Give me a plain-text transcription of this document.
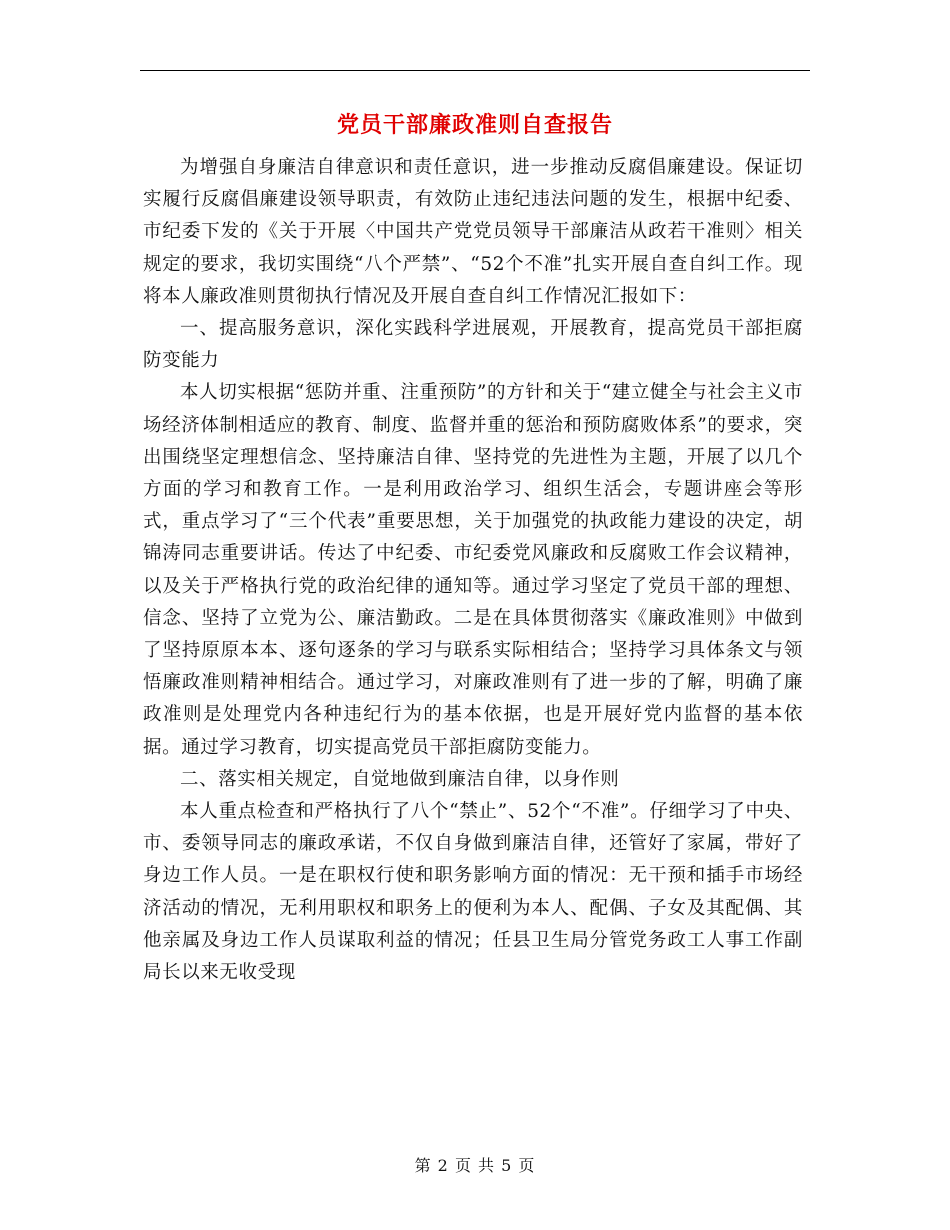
党员干部廉政准则自查报告

为增强自身廉洁自律意识和责任意识，进一步推动反腐倡廉建设。保证切实履行反腐倡廉建设领导职责，有效防止违纪违法问题的发生，根据中纪委、市纪委下发的《关于开展〈中国共产党党员领导干部廉洁从政若干准则〉相关规定的要求，我切实围绕“八个严禁”、“52个不准”扎实开展自查自纠工作。现将本人廉政准则贯彻执行情况及开展自查自纠工作情况汇报如下：

一、提高服务意识，深化实践科学进展观，开展教育，提高党员干部拒腐防变能力

本人切实根据“惩防并重、注重预防”的方针和关于“建立健全与社会主义市场经济体制相适应的教育、制度、监督并重的惩治和预防腐败体系”的要求，突出围绕坚定理想信念、坚持廉洁自律、坚持党的先进性为主题，开展了以几个方面的学习和教育工作。一是利用政治学习、组织生活会，专题讲座会等形式，重点学习了“三个代表”重要思想，关于加强党的执政能力建设的决定，胡锦涛同志重要讲话。传达了中纪委、市纪委党风廉政和反腐败工作会议精神，以及关于严格执行党的政治纪律的通知等。通过学习坚定了党员干部的理想、信念、坚持了立党为公、廉洁勤政。二是在具体贯彻落实《廉政准则》中做到了坚持原原本本、逐句逐条的学习与联系实际相结合；坚持学习具体条文与领悟廉政准则精神相结合。通过学习，对廉政准则有了进一步的了解，明确了廉政准则是处理党内各种违纪行为的基本依据，也是开展好党内监督的基本依据。通过学习教育，切实提高党员干部拒腐防变能力。

二、落实相关规定，自觉地做到廉洁自律，以身作则

本人重点检查和严格执行了八个“禁止”、52个“不准”。仔细学习了中央、市、委领导同志的廉政承诺，不仅自身做到廉洁自律，还管好了家属，带好了身边工作人员。一是在职权行使和职务影响方面的情况：无干预和插手市场经济活动的情况，无利用职权和职务上的便利为本人、配偶、子女及其配偶、其他亲属及身边工作人员谋取利益的情况；任县卫生局分管党务政工人事工作副局长以来无收受现

第 2 页 共 5 页
